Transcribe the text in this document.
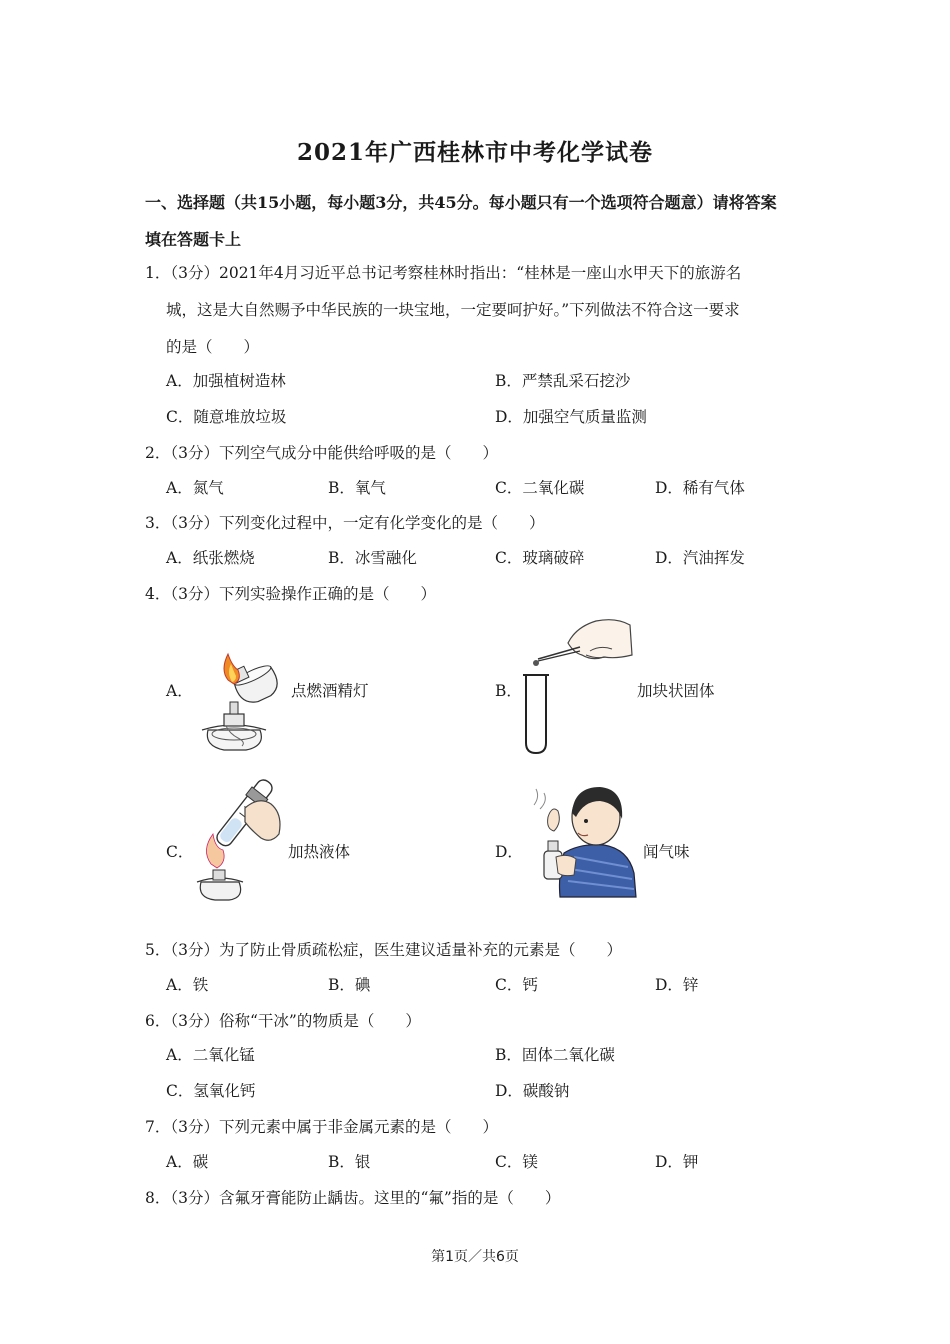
2021年广西桂林市中考化学试卷
一、选择题（共15小题，每小题3分，共45分。每小题只有一个选项符合题意）请将答案
填在答题卡上
1．（3分）2021年4月习近平总书记考察桂林时指出：“桂林是一座山水甲天下的旅游名
城，这是大自然赐予中华民族的一块宝地，一定要呵护好。”下列做法不符合这一要求
的是（　　）
A．加强植树造林	B．严禁乱采石挖沙
C．随意堆放垃圾	D．加强空气质量监测
2．（3分）下列空气成分中能供给呼吸的是（　　）
A．氮气	B．氧气	C．二氧化碳	D．稀有气体
3．（3分）下列变化过程中，一定有化学变化的是（　　）
A．纸张燃烧	B．冰雪融化	C．玻璃破碎	D．汽油挥发
4．（3分）下列实验操作正确的是（　　）
A．	点燃酒精灯	B．	加块状固体
C．	加热液体	D．	闻气味
5．（3分）为了防止骨质疏松症，医生建议适量补充的元素是（　　）
A．铁	B．碘	C．钙	D．锌
6．（3分）俗称“干冰”的物质是（　　）
A．二氧化锰	B．固体二氧化碳
C．氢氧化钙	D．碳酸钠
7．（3分）下列元素中属于非金属元素的是（　　）
A．碳	B．银	C．镁	D．钾
8．（3分）含氟牙膏能防止龋齿。这里的“氟”指的是（　　）
第1页／共6页
